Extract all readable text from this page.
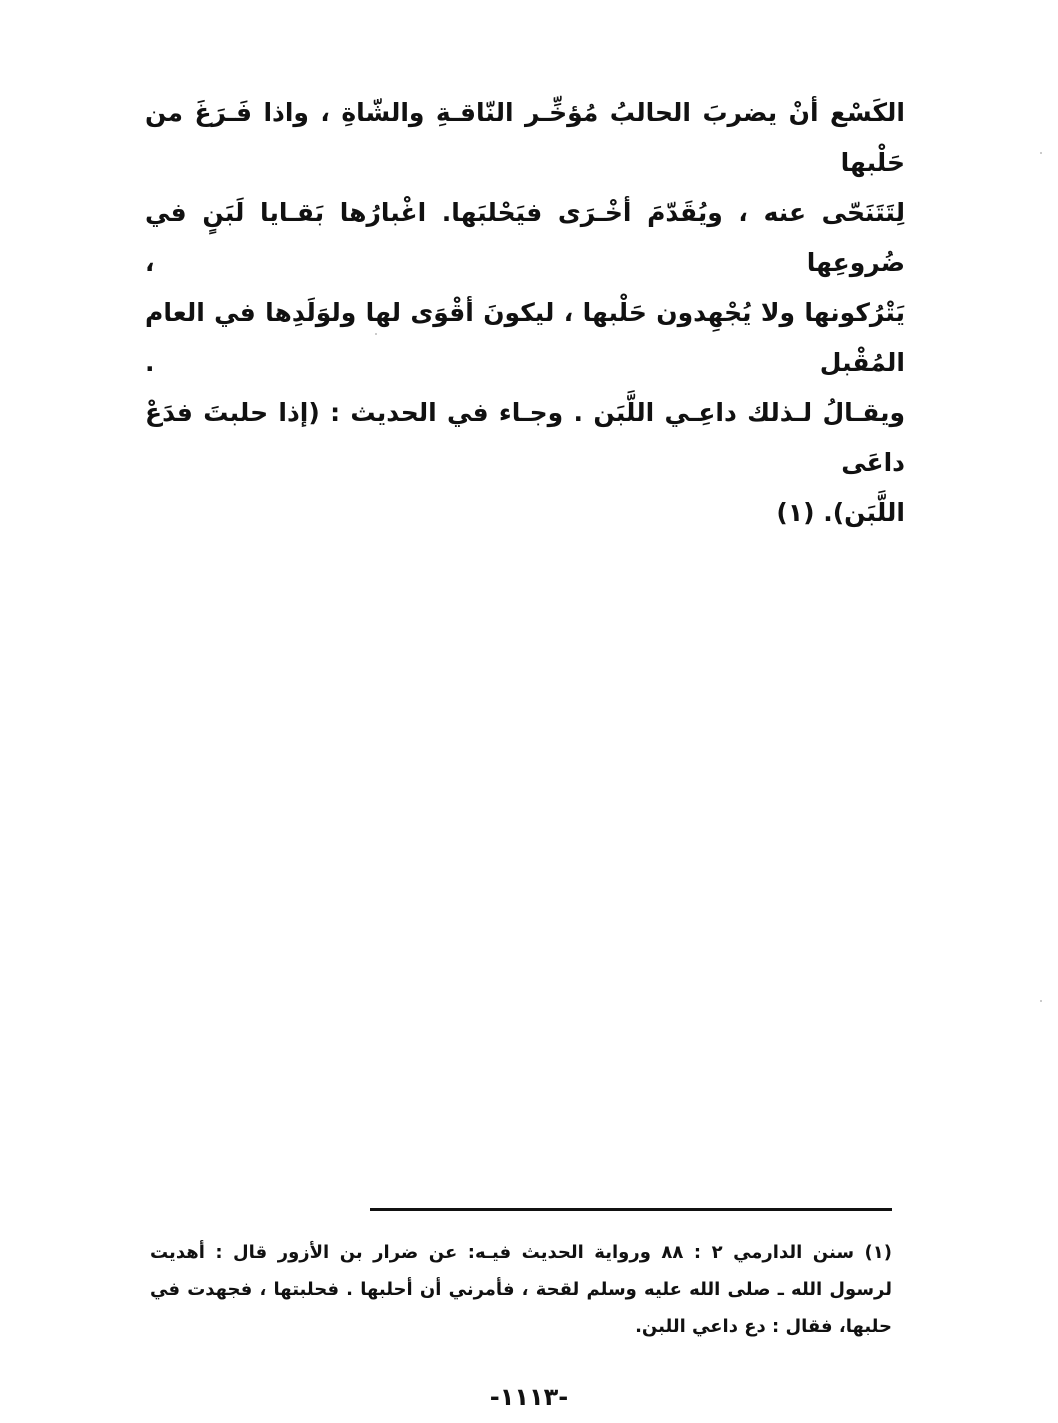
الكَسْع أنْ يضربَ الحالبُ مُؤخِّـر النّاقـةِ والشّاةِ ، واذا فَـرَغَ من حَلْبها

لِتَتَنَحّى عنه ، ويُقَدّمَ أخْـرَى فيَحْلبَها. اغْبارُها بَقـايا لَبَنٍ في ضُروعِها ،

يَتْرُكونها ولا يُجْهِدون حَلْبها ، ليكونَ أقْوَى لها ولوَلَدِها في العام المُقْبل .

ويقـالُ لـذلك داعِـي اللَّبَن . وجـاء في الحديث : (إذا حلبتَ فدَعْ داعَى

اللَّبَن). (١)

(١) سنن الدارمي ٢ : ٨٨ ورواية الحديث فيـه: عن ضرار بن الأزور قال : أهديت

لرسول الله ـ صلى الله عليه وسلم لقحة ، فأمرني أن أحلبها . فحلبتها ، فجهدت في

حلبها، فقال : دع داعي اللبن.

-١١١٣-
